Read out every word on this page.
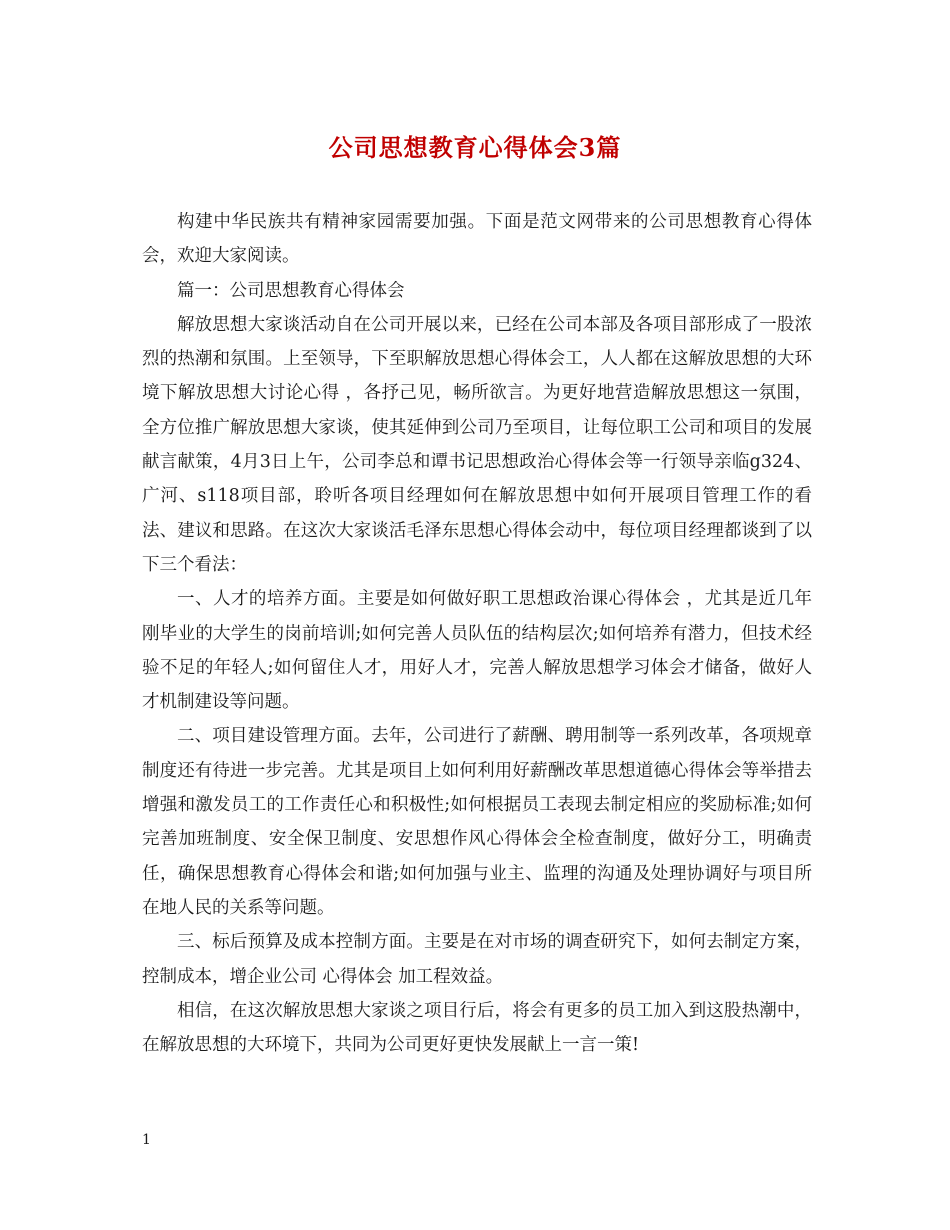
公司思想教育心得体会3篇

构建中华民族共有精神家园需要加强。下面是范文网带来的公司思想教育心得体会，欢迎大家阅读。

篇一：公司思想教育心得体会

解放思想大家谈活动自在公司开展以来，已经在公司本部及各项目部形成了一股浓烈的热潮和氛围。上至领导，下至职解放思想心得体会工，人人都在这解放思想的大环境下解放思想大讨论心得 ，各抒己见，畅所欲言。为更好地营造解放思想这一氛围，全方位推广解放思想大家谈，使其延伸到公司乃至项目，让每位职工公司和项目的发展献言献策，4月3日上午，公司李总和谭书记思想政治心得体会等一行领导亲临g324、广河、s118项目部，聆听各项目经理如何在解放思想中如何开展项目管理工作的看法、建议和思路。在这次大家谈活毛泽东思想心得体会动中，每位项目经理都谈到了以下三个看法：

一、人才的培养方面。主要是如何做好职工思想政治课心得体会 ，尤其是近几年刚毕业的大学生的岗前培训;如何完善人员队伍的结构层次;如何培养有潜力，但技术经验不足的年轻人;如何留住人才，用好人才，完善人解放思想学习体会才储备，做好人才机制建设等问题。

二、项目建设管理方面。去年，公司进行了薪酬、聘用制等一系列改革，各项规章制度还有待进一步完善。尤其是项目上如何利用好薪酬改革思想道德心得体会等举措去增强和激发员工的工作责任心和积极性;如何根据员工表现去制定相应的奖励标准;如何完善加班制度、安全保卫制度、安思想作风心得体会全检查制度，做好分工，明确责任，确保思想教育心得体会和谐;如何加强与业主、监理的沟通及处理协调好与项目所在地人民的关系等问题。

三、标后预算及成本控制方面。主要是在对市场的调查研究下，如何去制定方案，控制成本，增企业公司 心得体会 加工程效益。

相信，在这次解放思想大家谈之项目行后，将会有更多的员工加入到这股热潮中，在解放思想的大环境下，共同为公司更好更快发展献上一言一策!

1
